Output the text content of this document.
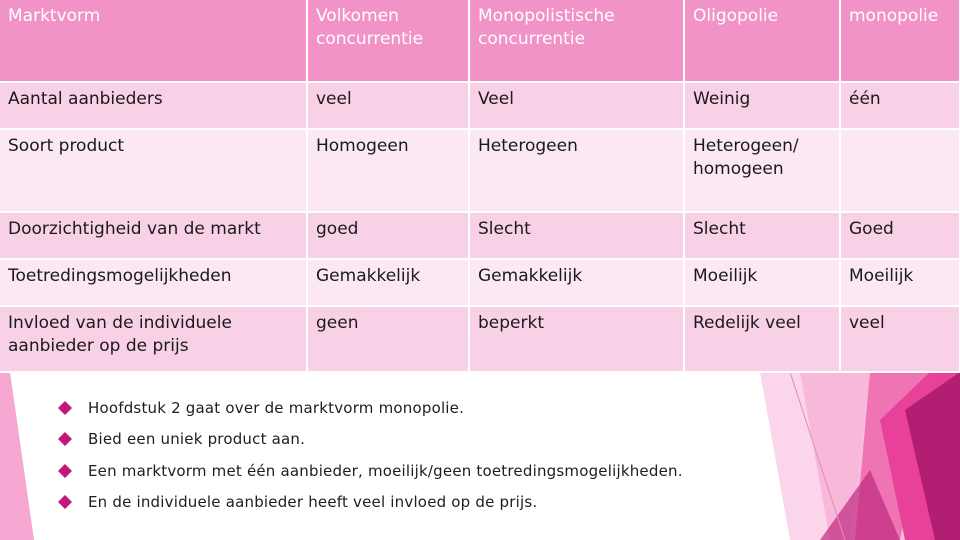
Marktvorm	Volkomen concurrentie	Monopolistische concurrentie	Oligopolie	monopolie
Aantal aanbieders	veel	Veel	Weinig	één
Soort product	Homogeen	Heterogeen	Heterogeen/ homogeen	
Doorzichtigheid van de markt	goed	Slecht	Slecht	Goed
Toetredingsmogelijkheden	Gemakkelijk	Gemakkelijk	Moeilijk	Moeilijk
Invloed van de individuele aanbieder op de prijs	geen	beperkt	Redelijk veel	veel
Hoofdstuk 2 gaat over de marktvorm monopolie.
Bied een uniek product aan.
Een marktvorm met één aanbieder, moeilijk/geen toetredingsmogelijkheden.
En de individuele aanbieder heeft veel invloed op de prijs.
